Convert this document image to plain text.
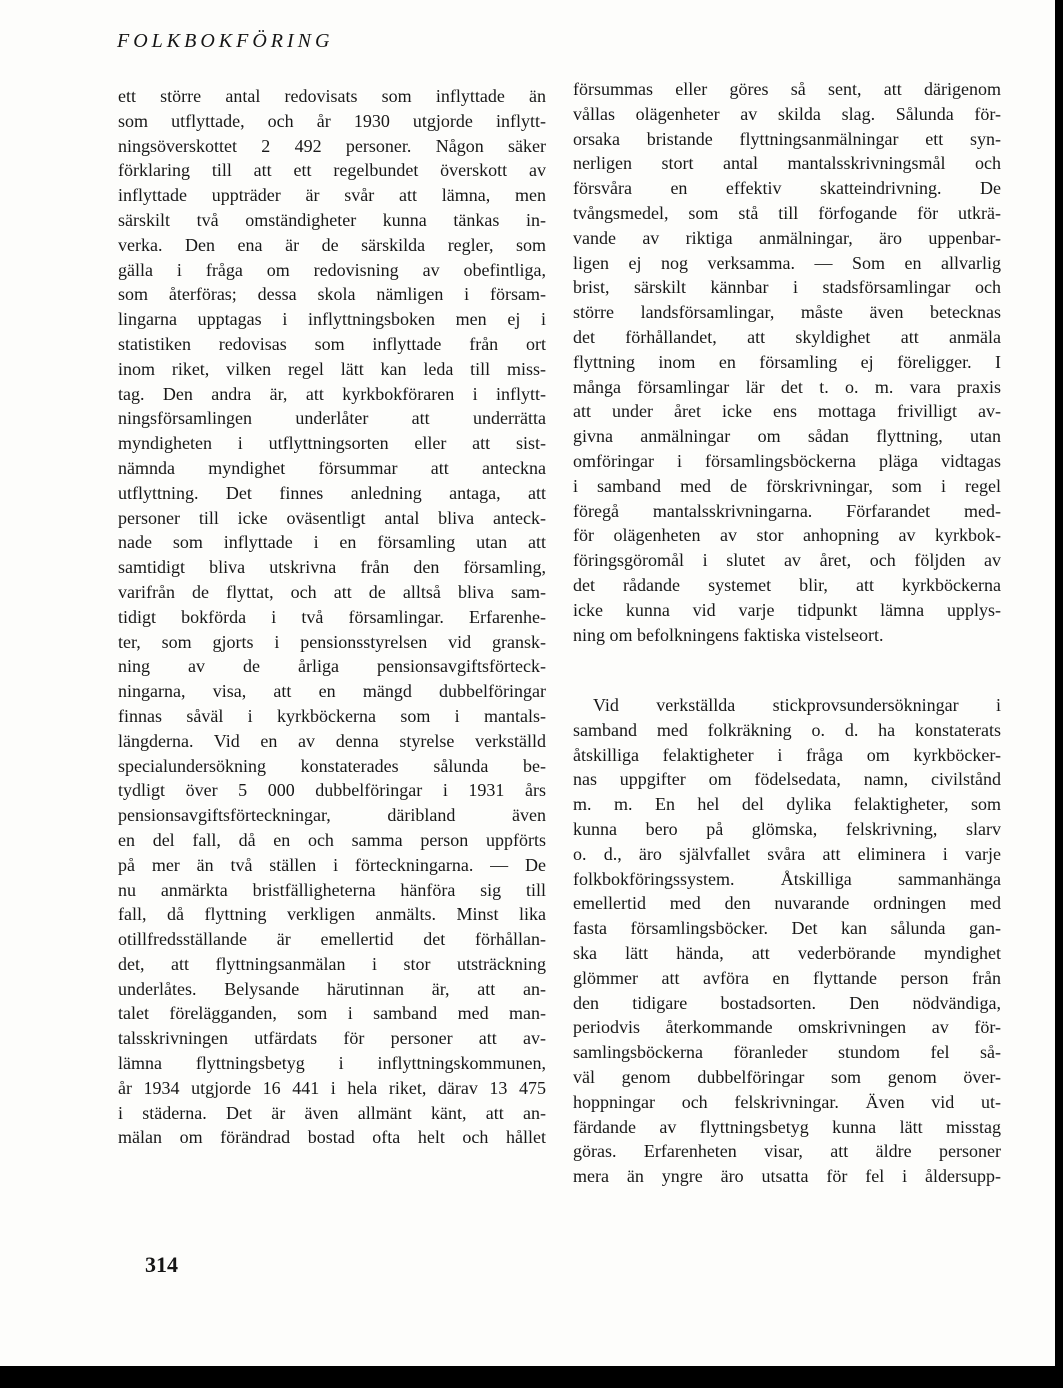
FOLKBOKFÖRING
ett större antal redovisats som inflyttade än
som utflyttade, och år 1930 utgjorde inflytt-
ningsöverskottet 2 492 personer. Någon säker
förklaring till att ett regelbundet överskott av
inflyttade uppträder är svår att lämna, men
särskilt två omständigheter kunna tänkas in-
verka. Den ena är de särskilda regler, som
gälla i fråga om redovisning av obefintliga,
som återföras; dessa skola nämligen i försam-
lingarna upptagas i inflyttningsboken men ej i
statistiken redovisas som inflyttade från ort
inom riket, vilken regel lätt kan leda till miss-
tag. Den andra är, att kyrkbokföraren i inflytt-
ningsförsamlingen underlåter att underrätta
myndigheten i utflyttningsorten eller att sist-
nämnda myndighet försummar att anteckna
utflyttning. Det finnes anledning antaga, att
personer till icke oväsentligt antal bliva anteck-
nade som inflyttade i en församling utan att
samtidigt bliva utskrivna från den församling,
varifrån de flyttat, och att de alltså bliva sam-
tidigt bokförda i två församlingar. Erfarenhe-
ter, som gjorts i pensionsstyrelsen vid gransk-
ning av de årliga pensionsavgiftsförteck-
ningarna, visa, att en mängd dubbelföringar
finnas såväl i kyrkböckerna som i mantals-
längderna. Vid en av denna styrelse verkställd
specialundersökning konstaterades sålunda be-
tydligt över 5 000 dubbelföringar i 1931 års
pensionsavgiftsförteckningar, däribland även
en del fall, då en och samma person uppförts
på mer än två ställen i förteckningarna. — De
nu anmärkta bristfälligheterna hänföra sig till
fall, då flyttning verkligen anmälts. Minst lika
otillfredsställande är emellertid det förhållan-
det, att flyttningsanmälan i stor utsträckning
underlåtes. Belysande härutinnan är, att an-
talet förelägganden, som i samband med man-
talsskrivningen utfärdats för personer att av-
lämna flyttningsbetyg i inflyttningskommunen,
år 1934 utgjorde 16 441 i hela riket, därav 13 475
i städerna. Det är även allmänt känt, att an-
mälan om förändrad bostad ofta helt och hållet
försummas eller göres så sent, att därigenom
vållas olägenheter av skilda slag. Sålunda för-
orsaka bristande flyttningsanmälningar ett syn-
nerligen stort antal mantalsskrivningsmål och
försvåra en effektiv skatteindrivning. De
tvångsmedel, som stå till förfogande för utkrä-
vande av riktiga anmälningar, äro uppenbar-
ligen ej nog verksamma. — Som en allvarlig
brist, särskilt kännbar i stadsförsamlingar och
större landsförsamlingar, måste även betecknas
det förhållandet, att skyldighet att anmäla
flyttning inom en församling ej föreligger. I
många församlingar lär det t. o. m. vara praxis
att under året icke ens mottaga frivilligt av-
givna anmälningar om sådan flyttning, utan
omföringar i församlingsböckerna pläga vidtagas
i samband med de förskrivningar, som i regel
föregå mantalsskrivningarna. Förfarandet med-
för olägenheten av stor anhopning av kyrkbok-
föringsgöromål i slutet av året, och följden av
det rådande systemet blir, att kyrkböckerna
icke kunna vid varje tidpunkt lämna upplys-
ning om befolkningens faktiska vistelseort.
Vid verkställda stickprovsundersökningar i
samband med folkräkning o. d. ha konstaterats
åtskilliga felaktigheter i fråga om kyrkböcker-
nas uppgifter om födelsedata, namn, civilstånd
m. m. En hel del dylika felaktigheter, som
kunna bero på glömska, felskrivning, slarv
o. d., äro självfallet svåra att eliminera i varje
folkbokföringssystem. Åtskilliga sammanhänga
emellertid med den nuvarande ordningen med
fasta församlingsböcker. Det kan sålunda gan-
ska lätt hända, att vederbörande myndighet
glömmer att avföra en flyttande person från
den tidigare bostadsorten. Den nödvändiga,
periodvis återkommande omskrivningen av för-
samlingsböckerna föranleder stundom fel så-
väl genom dubbelföringar som genom över-
hoppningar och felskrivningar. Även vid ut-
färdande av flyttningsbetyg kunna lätt misstag
göras. Erfarenheten visar, att äldre personer
mera än yngre äro utsatta för fel i åldersupp-
314
